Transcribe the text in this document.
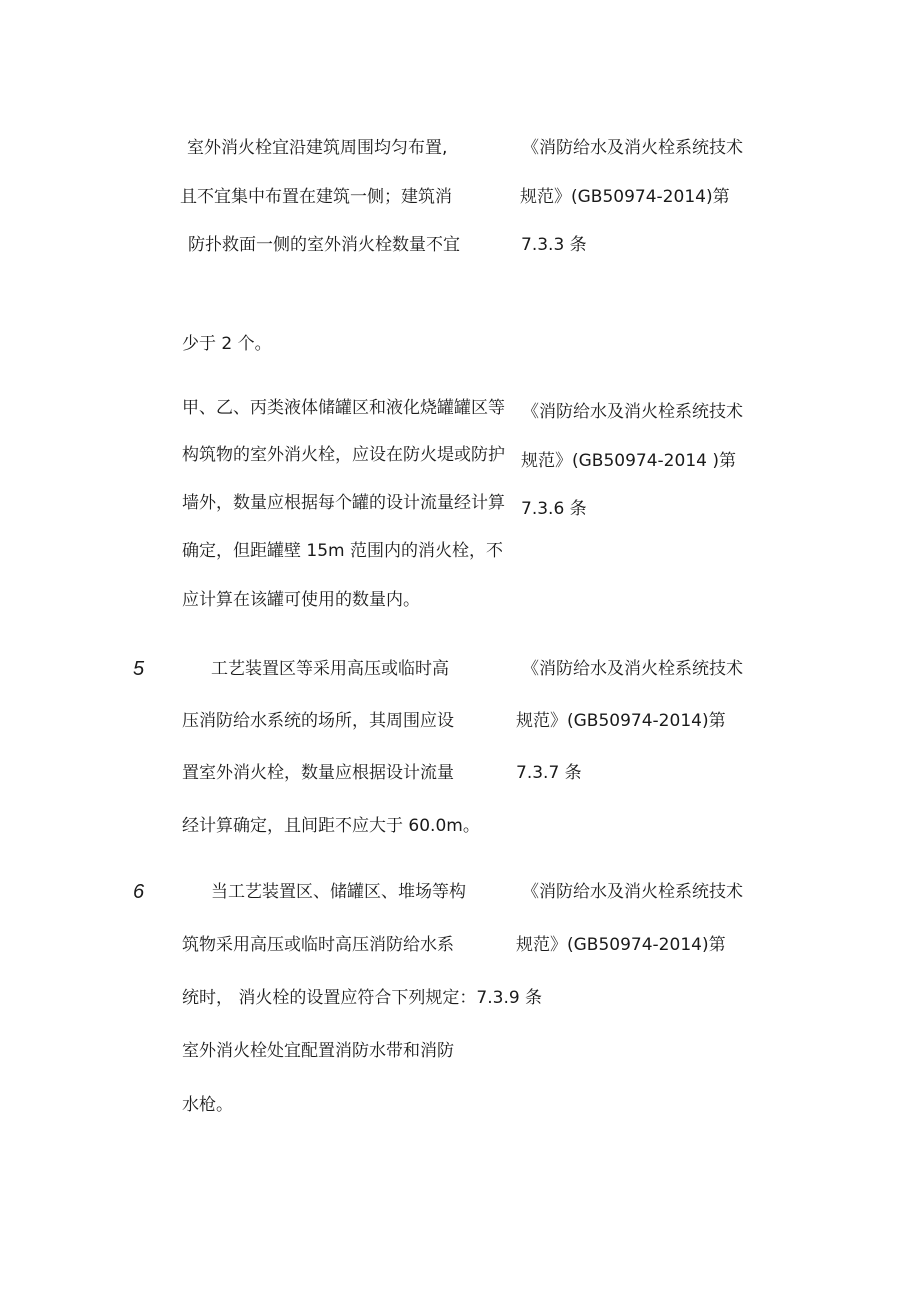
室外消火栓宜沿建筑周围均匀布置,
且不宜集中布置在建筑一侧；建筑消
防扑救面一侧的室外消火栓数量不宜
少于 2 个。
《消防给水及消火栓系统技术
规范》(GB50974-2014)第
7.3.3 条
甲、乙、丙类液体储罐区和液化烧罐罐区等
构筑物的室外消火栓，应设在防火堤或防护
墙外，数量应根据每个罐的设计流量经计算
确定，但距罐壁 15m 范围内的消火栓，不
应计算在该罐可使用的数量内。
《消防给水及消火栓系统技术
规范》(GB50974-2014 )第
7.3.6 条
5	工艺装置区等采用高压或临时高
压消防给水系统的场所，其周围应设
置室外消火栓，数量应根据设计流量
经计算确定，且间距不应大于 60.0m。
《消防给水及消火栓系统技术
规范》(GB50974-2014)第
7.3.7 条
6	当工艺装置区、储罐区、堆场等构
筑物采用高压或临时高压消防给水系
统时， 消火栓的设置应符合下列规定：7.3.9 条
室外消火栓处宜配置消防水带和消防
水枪。
《消防给水及消火栓系统技术
规范》(GB50974-2014)第
